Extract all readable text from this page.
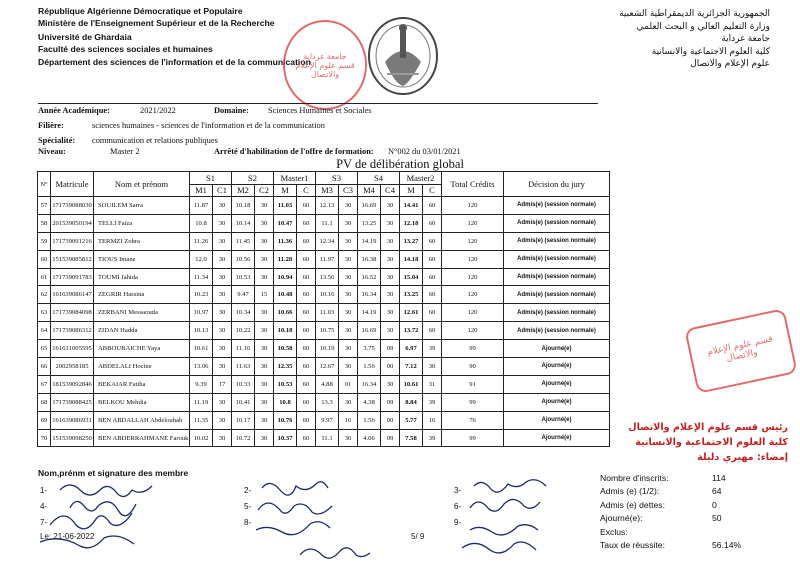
République Algérienne Démocratique et Populaire
Ministère de l'Enseignement Supérieur et de la Recherche
Université de Ghardaia
Faculté des sciences sociales et humaines
Département des sciences de l'information et de la communication
الجمهورية الجزائرية الديمقراطية الشعبية
وزارة التعليم العالي و البحث العلمي
جامعة غرداية
كلية العلوم الاجتماعية والانسانية
علوم الإعلام والاتصال
جامعة غرداية
قسم علوم الإعلام والاتصال
Année Académique:	2021/2022	Domaine: Sciences Humaines et Sociales
Filière:	sciences humaines - sciences de l'information et de la communication
Spécialité: communication et relations publiques
Niveau:	Master 2	Arrêté d'habilitation de l'offre de formation: N°002 du 03/01/2021
PV de délibération global
N°	Matricule	Nom et prénom	S1		S2		Master1		S3		S4		Master2		Total Crédits	Décision du jury
			M1	C1	M2	C2	M	C	M3	C3	M4	C4	M	C		
57	171739088030	SOUILEM Sarra	11.87	30	10.18	30	11.03	60	12.13	30	16.69	30	14.41	60	120	Admis(e) (session normale)
58	201539050194	TELLI Faiza	10.8	30	10.14	30	10.47	60	11.1	30	13.25	30	12.18	60	120	Admis(e) (session normale)
59	171739091216	TERMZI Zohra	11.26	30	11.45	30	11.36	60	12.34	30	14.19	30	13.27	60	120	Admis(e) (session normale)
60	151539085812	TIOUS Imane	12.0	30	10.56	30	11.28	60	11.97	30	16.38	30	14.18	60	120	Admis(e) (session normale)
61	171739091783	TOUMI Jahida	11.34	30	10.53	30	10.94	60	13.56	30	16.52	30	15.04	60	120	Admis(e) (session normale)
62	161639086147	ZEGRIR Hassina	10.23	30	9.47	15	10.48	60	10.16	30	16.34	30	13.25	60	120	Admis(e) (session normale)
63	171739084098	ZERBANI Messaouda	10.97	30	10.34	30	10.66	60	11.03	30	14.19	30	12.61	60	120	Admis(e) (session normale)
64	171739086312	ZIDAN Hadda	10.13	30	10.22	30	10.18	60	10.75	30	16.69	30	13.72	60	120	Admis(e) (session normale)
65	161631005595	ABBOUBAICHE Yaya	10.61	30	11.16	30	10.58	60	10.19	30	3.75	09	6.97	39	99	Ajourné(e)
66	2002958185	ABDELALI Hocine	13.06	30	11.63	30	12.35	60	12.67	30	1.56	00	7.12	30	90	Ajourné(e)
67	181539092846	BEKAIAR Fatiha	9.39	17	10.33	30	10.53	60	4.88	01	16.34	30	10.61	31	91	Ajourné(e)
68	171739088425	BELKOU Mehdia	11.19	30	10.41	30	10.8	60	13.3	30	4.38	09	8.84	39	99	Ajourné(e)
69	161639086931	BEN ABDALLAH Abdelouhab	11.35	30	10.17	30	10.76	60	9.97	16	1.56	00	5.77	16	76	Ajourné(e)
70	151539098250	BEN ABDERRAHMANE Farouk	10.02	30	10.72	30	10.37	60	11.1	30	4.06	09	7.58	39	99	Ajourné(e)
قسم علوم الإعلام والاتصال
رئيس قسم علوم الإعلام والاتصال
كلية العلوم الاجتماعية والانسانية
إمضاء: مهيري دليلة
Nom,prénm et signature des membre
1-	2-	3-
4-	5-	6-
7-	8-	9-
Le: 21-06-2022	5/ 9
Nombre d'inscrits:	114
Admis (e) (1/2):	64
Admis (e) dettes:	0
Ajourné(e):	50
Exclus:
Taux de réussite:	56.14%
